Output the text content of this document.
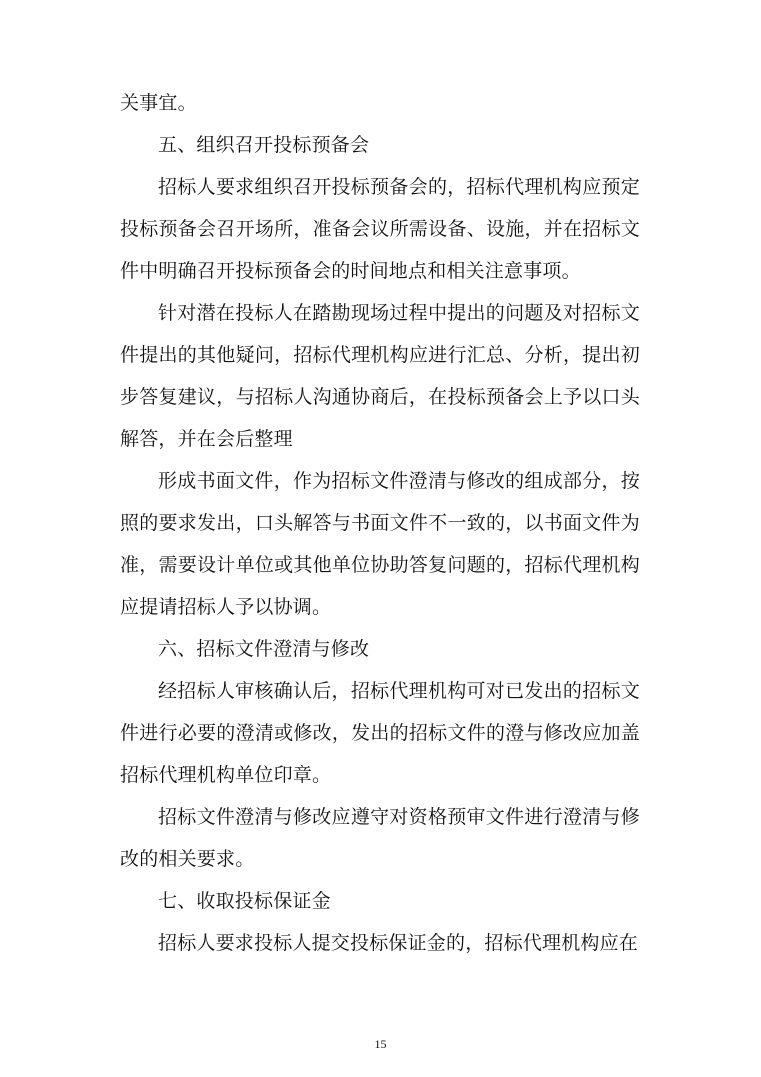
关事宜。

五、组织召开投标预备会

招标人要求组织召开投标预备会的，招标代理机构应预定投标预备会召开场所，准备会议所需设备、设施，并在招标文件中明确召开投标预备会的时间地点和相关注意事项。

针对潜在投标人在踏勘现场过程中提出的问题及对招标文件提出的其他疑问，招标代理机构应进行汇总、分析，提出初步答复建议，与招标人沟通协商后，在投标预备会上予以口头解答，并在会后整理

形成书面文件，作为招标文件澄清与修改的组成部分，按照的要求发出，口头解答与书面文件不一致的，以书面文件为准，需要设计单位或其他单位协助答复问题的，招标代理机构应提请招标人予以协调。

六、招标文件澄清与修改

经招标人审核确认后，招标代理机构可对已发出的招标文件进行必要的澄清或修改，发出的招标文件的澄与修改应加盖招标代理机构单位印章。

招标文件澄清与修改应遵守对资格预审文件进行澄清与修改的相关要求。

七、收取投标保证金

招标人要求投标人提交投标保证金的，招标代理机构应在

15
